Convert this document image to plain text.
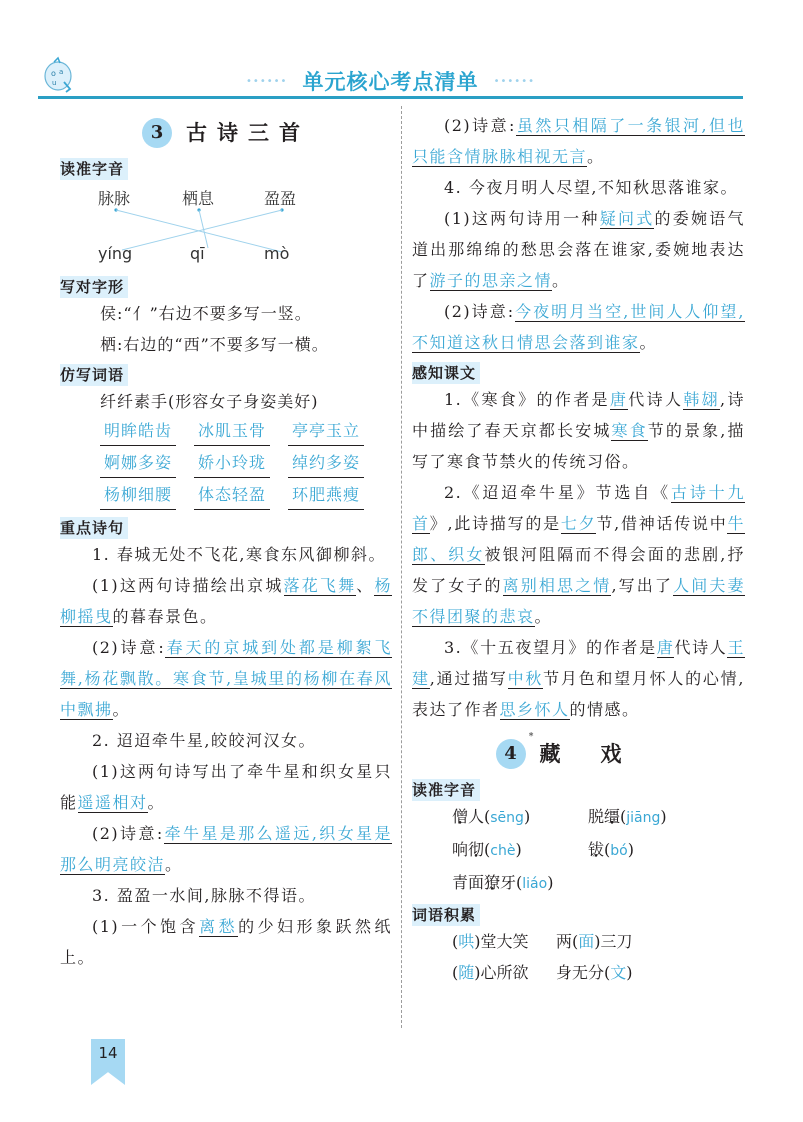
o a
u	•••••• 单元核心考点清单 ••••••
3 古诗三首
读准字音
脉脉	栖息	盈盈
yíng	qī	mò
写对字形
侯:“亻”右边不要多写一竖。
栖:右边的“西”不要多写一横。
仿写词语
纤纤素手(形容女子身姿美好)
明眸皓齿 冰肌玉骨 亭亭玉立
婀娜多姿 娇小玲珑 绰约多姿
杨柳细腰 体态轻盈 环肥燕瘦
重点诗句
1. 春城无处不飞花,寒食东风御柳斜。
(1)这两句诗描绘出京城落花飞舞、杨柳摇曳的暮春景色。
(2)诗意:春天的京城到处都是柳絮飞舞,杨花飘散。寒食节,皇城里的杨柳在春风中飘拂。
2. 迢迢牵牛星,皎皎河汉女。
(1)这两句诗写出了牵牛星和织女星只能遥遥相对。
(2)诗意:牵牛星是那么遥远,织女星是那么明亮皎洁。
3. 盈盈一水间,脉脉不得语。
(1)一个饱含离愁的少妇形象跃然纸上。
(2)诗意:虽然只相隔了一条银河,但也只能含情脉脉相视无言。
4. 今夜月明人尽望,不知秋思落谁家。
(1)这两句诗用一种疑问式的委婉语气道出那绵绵的愁思会落在谁家,委婉地表达了游子的思亲之情。
(2)诗意:今夜明月当空,世间人人仰望,不知道这秋日情思会落到谁家。
感知课文
1.《寒食》的作者是唐代诗人韩翃,诗中描绘了春天京都长安城寒食节的景象,描写了寒食节禁火的传统习俗。
2.《迢迢牵牛星》节选自《古诗十九首》,此诗描写的是七夕节,借神话传说中牛郎、织女被银河阻隔而不得会面的悲剧,抒发了女子的离别相思之情,写出了人间夫妻不得团聚的悲哀。
3.《十五夜望月》的作者是唐代诗人王建,通过描写中秋节月色和望月怀人的心情,表达了作者思乡怀人的情感。
4
*
藏戏
读准字音
僧人(sēng)	脱缰(jiāng)
响彻(chè)	钹(bó)
青面獠牙(liáo)
词语积累
(哄)堂大笑	两(面)三刀
(随)心所欲	身无分(文)
14
